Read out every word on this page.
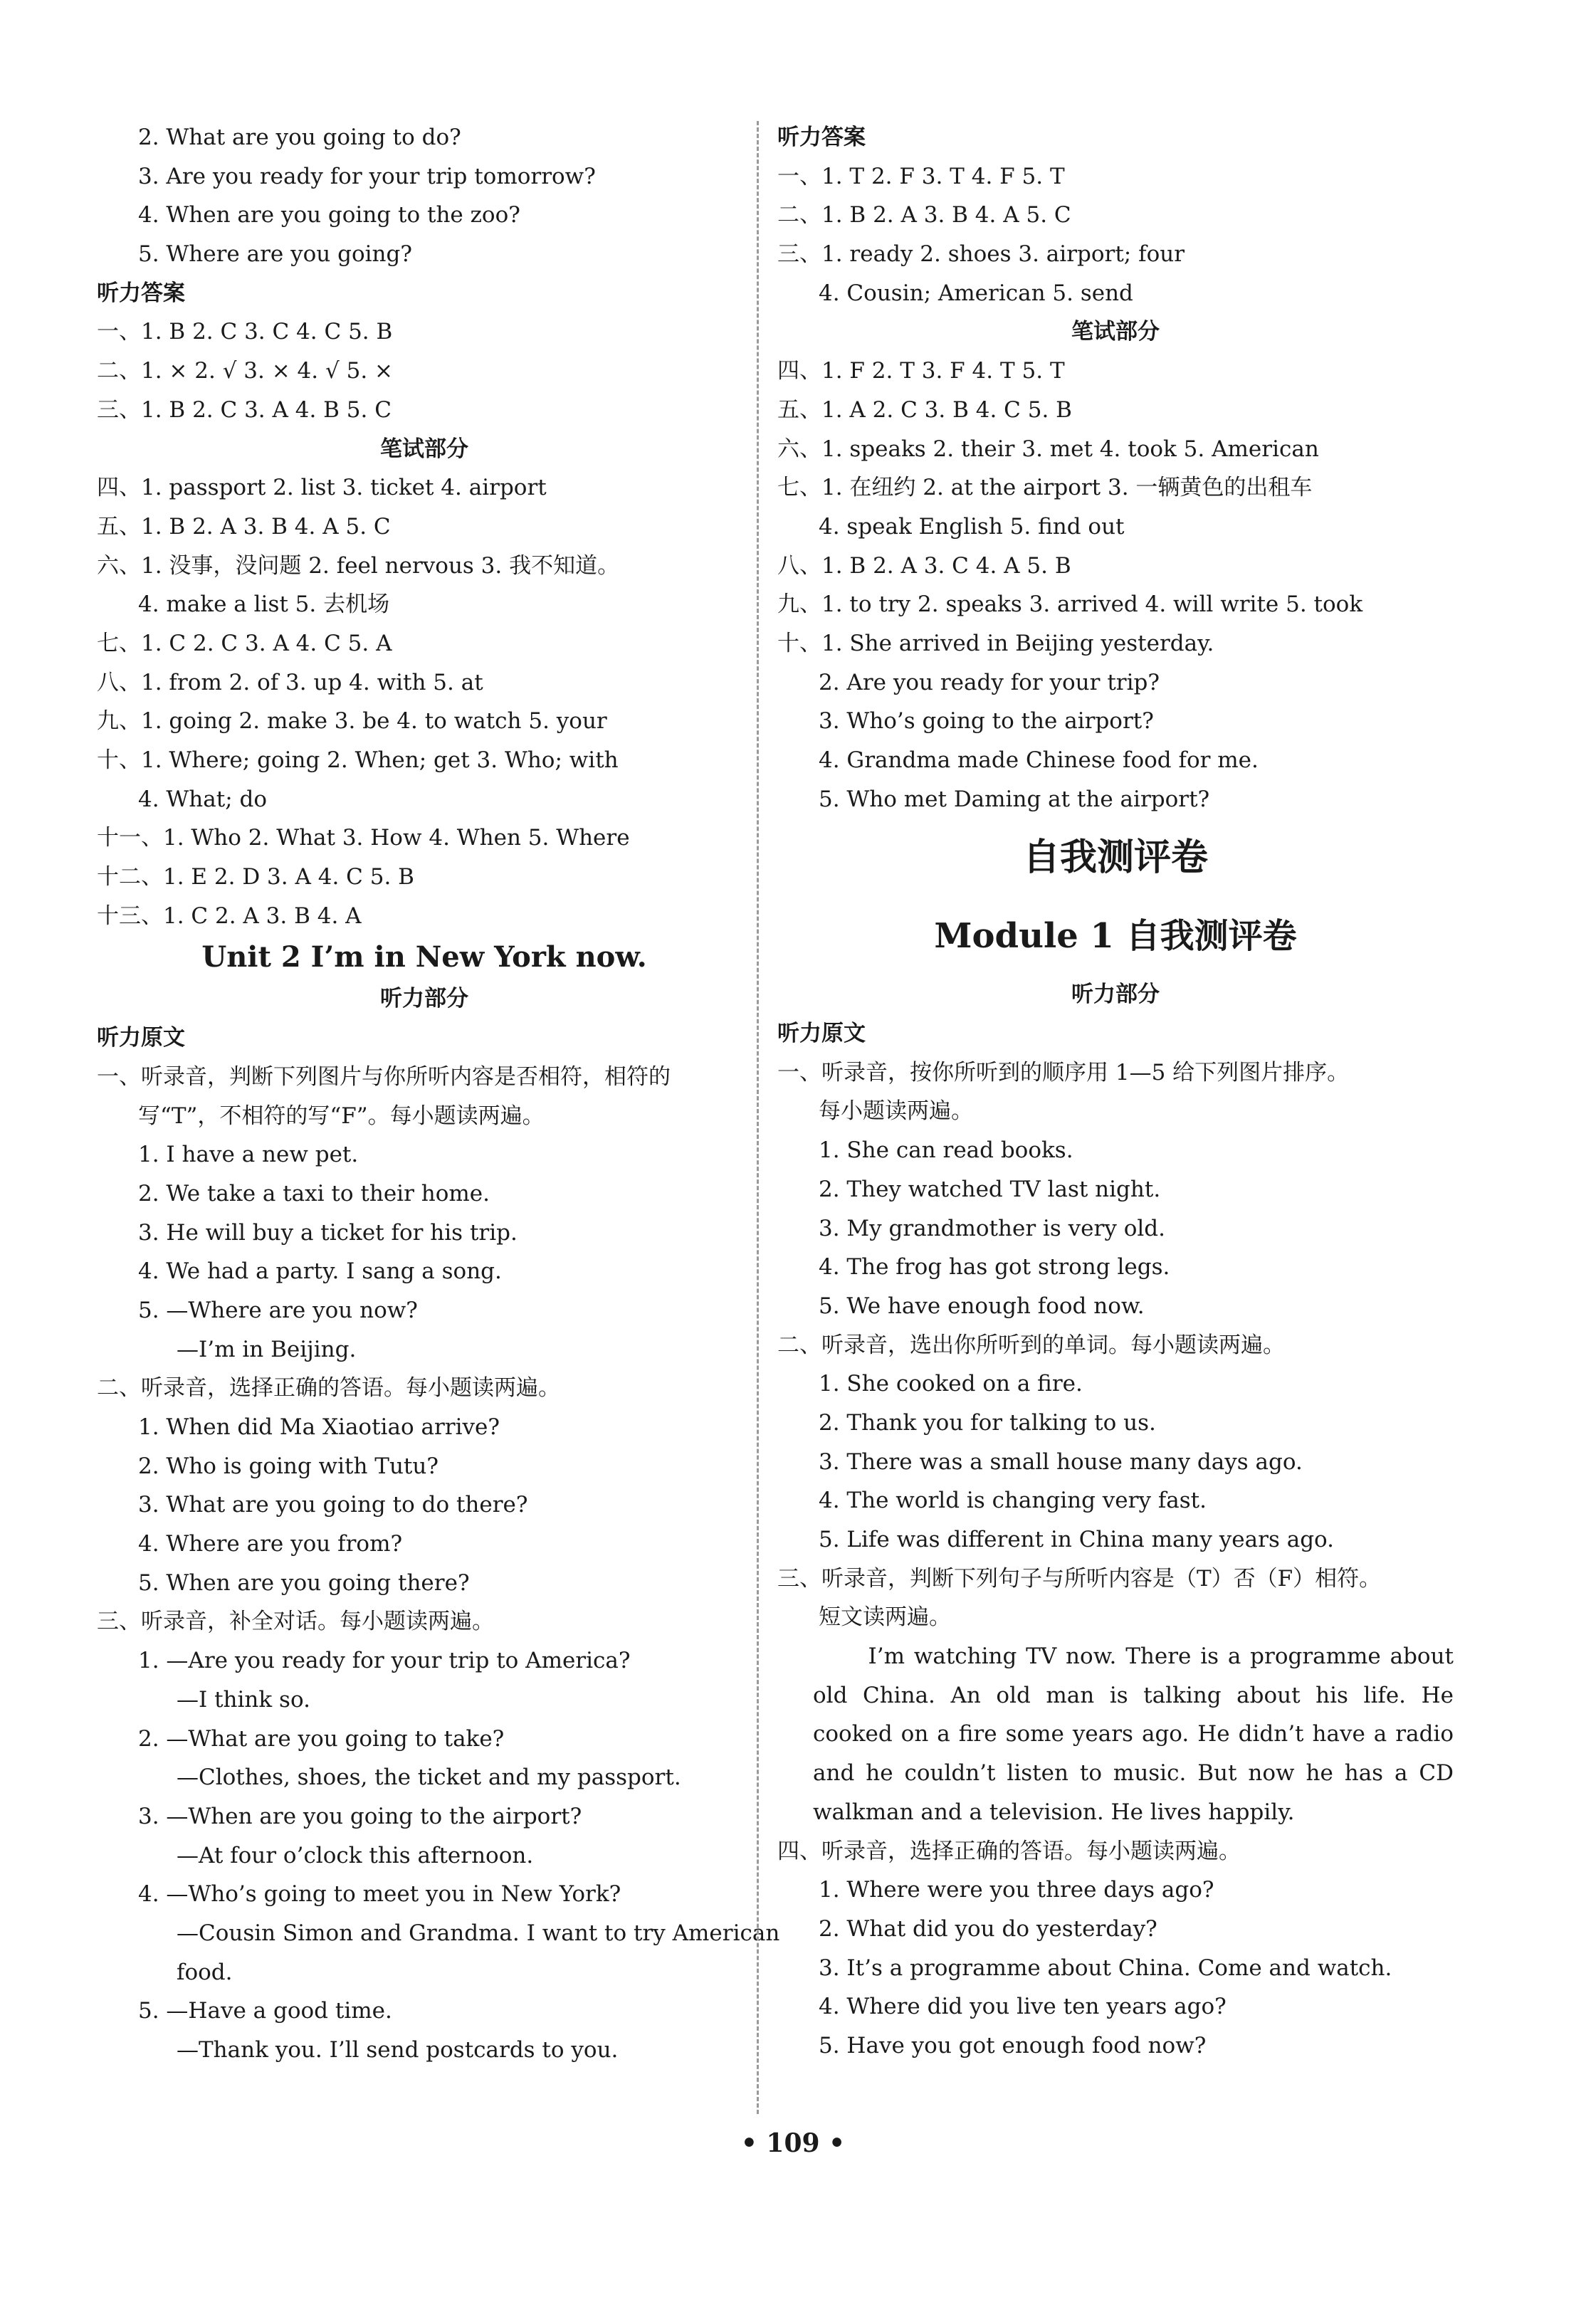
2. What are you going to do?
3. Are you ready for your trip tomorrow?
4. When are you going to the zoo?
5. Where are you going?
听力答案
一、1. B 2. C 3. C 4. C 5. B
二、1. × 2. √ 3. × 4. √ 5. ×
三、1. B 2. C 3. A 4. B 5. C
笔试部分
四、1. passport 2. list 3. ticket 4. airport
五、1. B 2. A 3. B 4. A 5. C
六、1. 没事，没问题 2. feel nervous 3. 我不知道。
4. make a list 5. 去机场
七、1. C 2. C 3. A 4. C 5. A
八、1. from 2. of 3. up 4. with 5. at
九、1. going 2. make 3. be 4. to watch 5. your
十、1. Where; going 2. When; get 3. Who; with
4. What; do
十一、1. Who 2. What 3. How 4. When 5. Where
十二、1. E 2. D 3. A 4. C 5. B
十三、1. C 2. A 3. B 4. A
Unit 2 I’m in New York now.
听力部分
听力原文
一、听录音，判断下列图片与你所听内容是否相符，相符的
写“T”，不相符的写“F”。每小题读两遍。
1. I have a new pet.
2. We take a taxi to their home.
3. He will buy a ticket for his trip.
4. We had a party. I sang a song.
5. —Where are you now?
—I’m in Beijing.
二、听录音，选择正确的答语。每小题读两遍。
1. When did Ma Xiaotiao arrive?
2. Who is going with Tutu?
3. What are you going to do there?
4. Where are you from?
5. When are you going there?
三、听录音，补全对话。每小题读两遍。
1. —Are you ready for your trip to America?
—I think so.
2. —What are you going to take?
—Clothes, shoes, the ticket and my passport.
3. —When are you going to the airport?
—At four o’clock this afternoon.
4. —Who’s going to meet you in New York?
—Cousin Simon and Grandma. I want to try American
food.
5. —Have a good time.
—Thank you. I’ll send postcards to you.
听力答案
一、1. T 2. F 3. T 4. F 5. T
二、1. B 2. A 3. B 4. A 5. C
三、1. ready 2. shoes 3. airport; four
4. Cousin; American 5. send
笔试部分
四、1. F 2. T 3. F 4. T 5. T
五、1. A 2. C 3. B 4. C 5. B
六、1. speaks 2. their 3. met 4. took 5. American
七、1. 在纽约 2. at the airport 3. 一辆黄色的出租车
4. speak English 5. find out
八、1. B 2. A 3. C 4. A 5. B
九、1. to try 2. speaks 3. arrived 4. will write 5. took
十、1. She arrived in Beijing yesterday.
2. Are you ready for your trip?
3. Who’s going to the airport?
4. Grandma made Chinese food for me.
5. Who met Daming at the airport?
自我测评卷
Module 1 自我测评卷
听力部分
听力原文
一、听录音，按你所听到的顺序用 1—5 给下列图片排序。
每小题读两遍。
1. She can read books.
2. They watched TV last night.
3. My grandmother is very old.
4. The frog has got strong legs.
5. We have enough food now.
二、听录音，选出你所听到的单词。每小题读两遍。
1. She cooked on a fire.
2. Thank you for talking to us.
3. There was a small house many days ago.
4. The world is changing very fast.
5. Life was different in China many years ago.
三、听录音，判断下列句子与所听内容是（T）否（F）相符。
短文读两遍。
I’m watching TV now. There is a programme about old China. An old man is talking about his life. He cooked on a fire some years ago. He didn’t have a radio and he couldn’t listen to music. But now he has a CD walkman and a television. He lives happily.
四、听录音，选择正确的答语。每小题读两遍。
1. Where were you three days ago?
2. What did you do yesterday?
3. It’s a programme about China. Come and watch.
4. Where did you live ten years ago?
5. Have you got enough food now?
• 109 •
